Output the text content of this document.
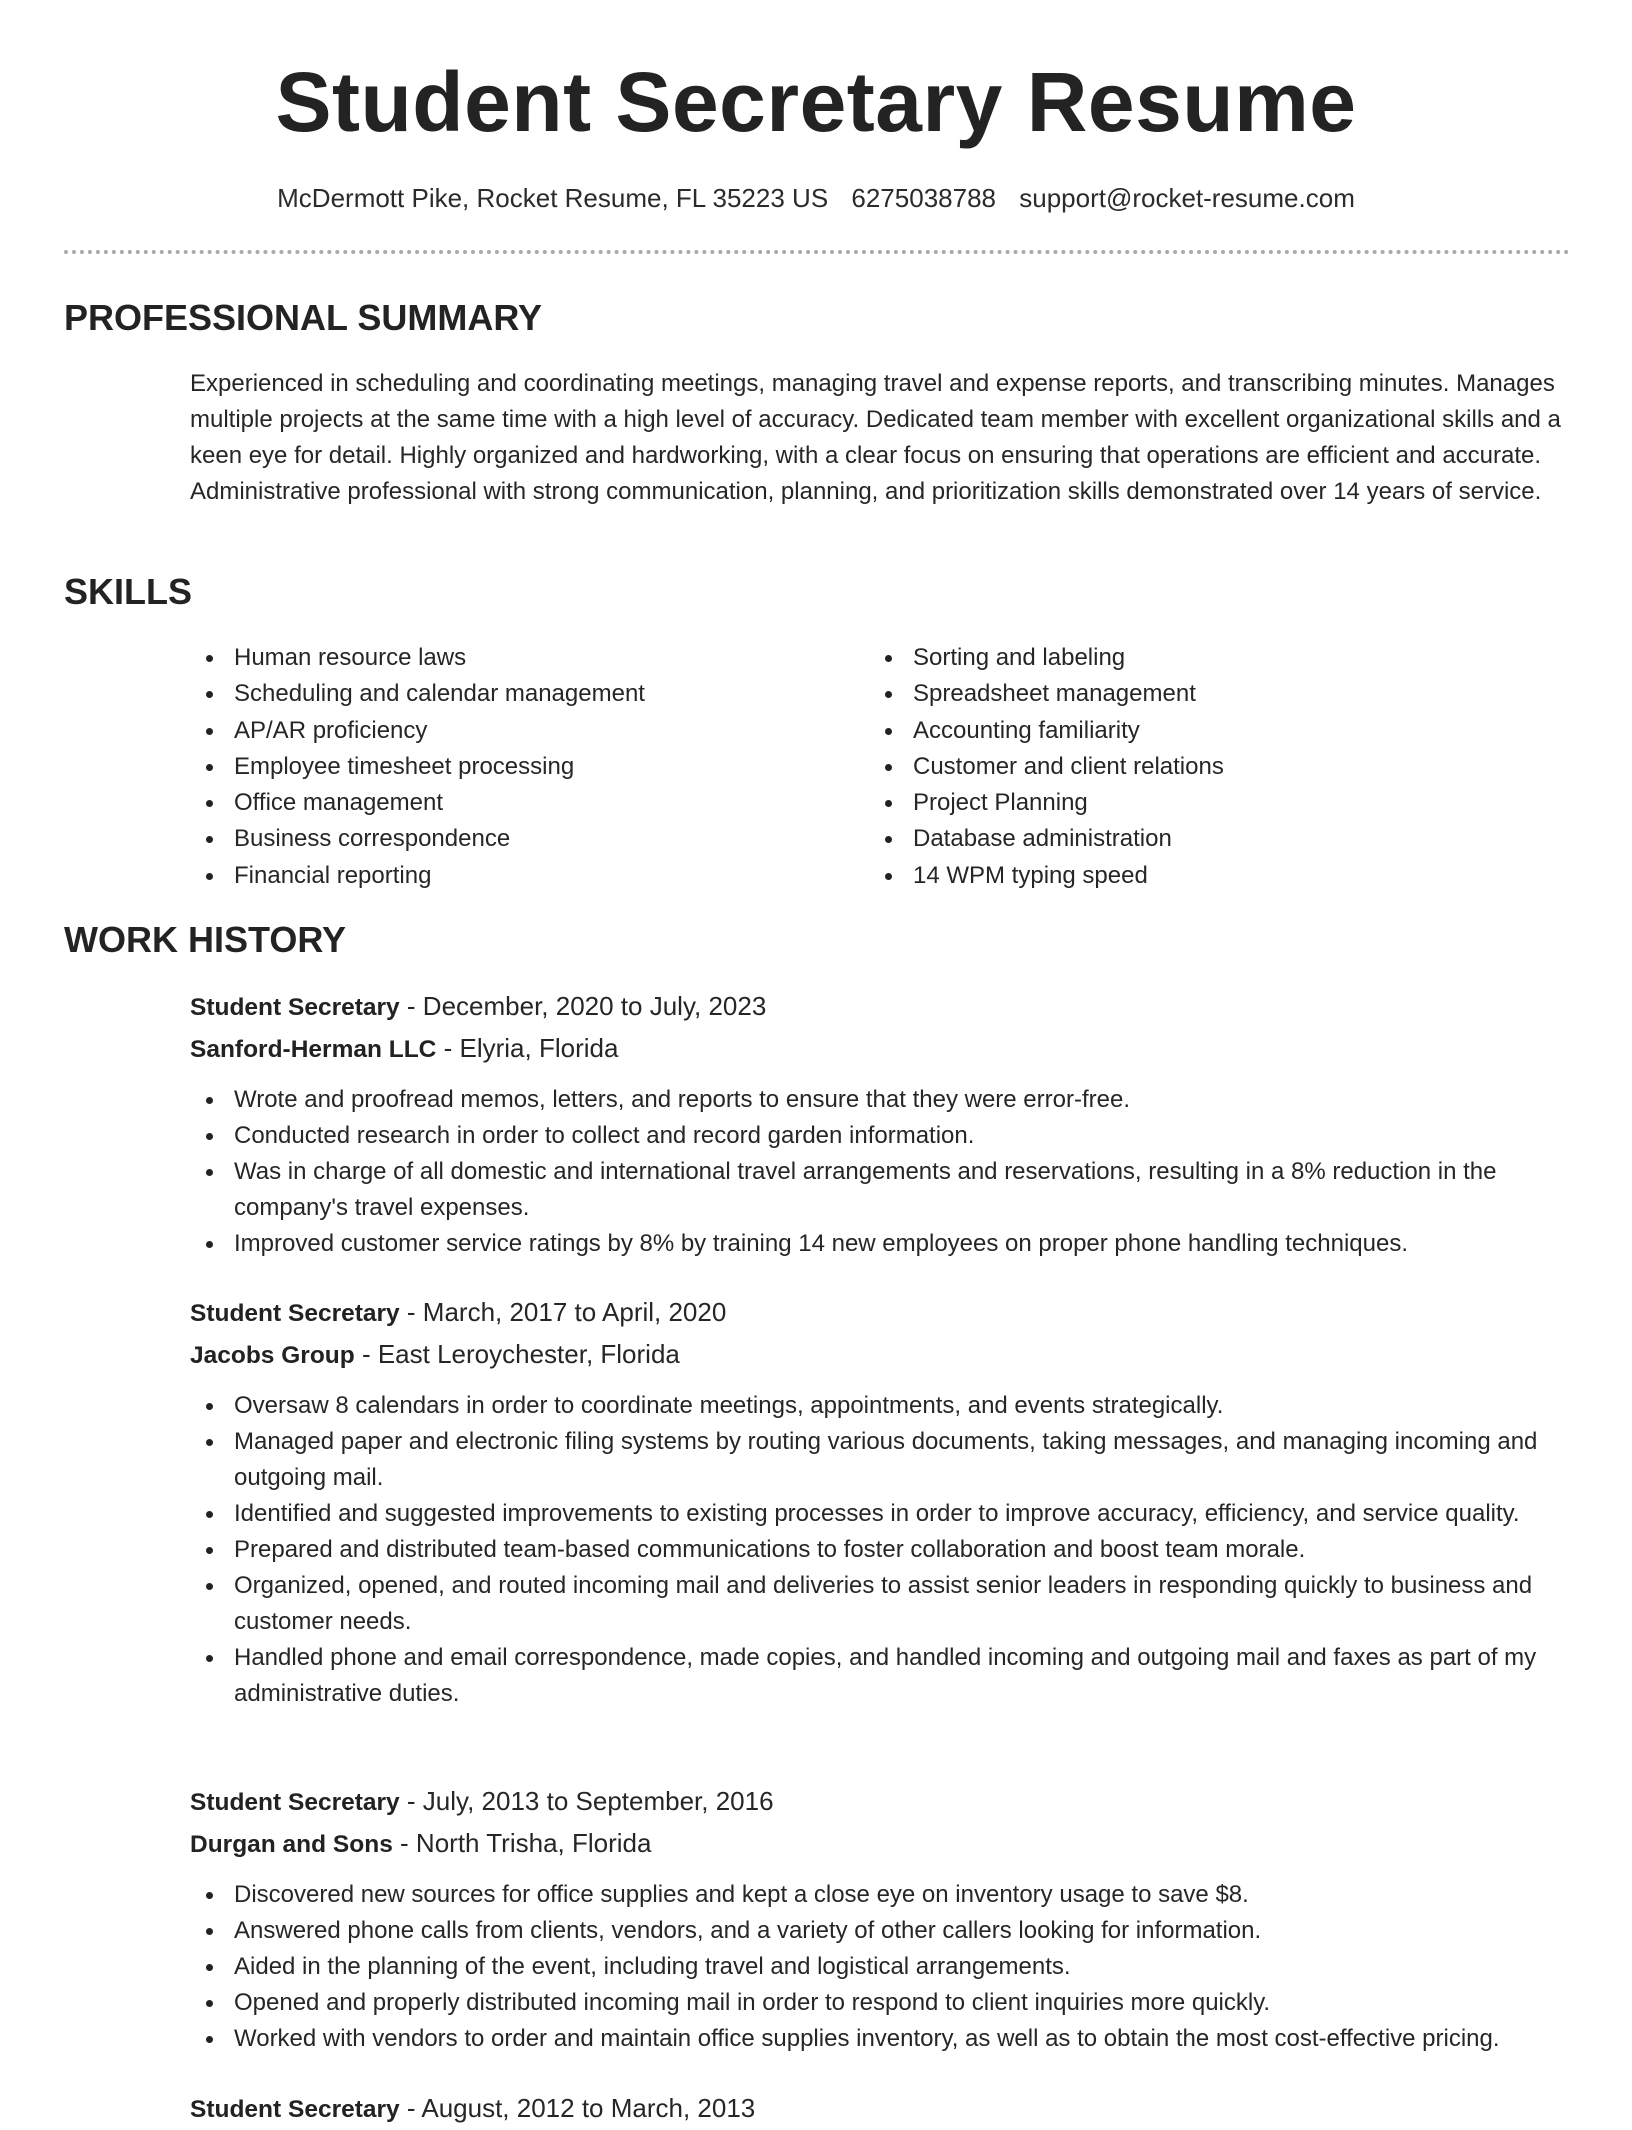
Student Secretary Resume
McDermott Pike, Rocket Resume, FL 35223 US 6275038788 support@rocket-resume.com
PROFESSIONAL SUMMARY
Experienced in scheduling and coordinating meetings, managing travel and expense reports, and transcribing minutes. Manages multiple projects at the same time with a high level of accuracy. Dedicated team member with excellent organizational skills and a keen eye for detail. Highly organized and hardworking, with a clear focus on ensuring that operations are efficient and accurate. Administrative professional with strong communication, planning, and prioritization skills demonstrated over 14 years of service.
SKILLS
Human resource laws
Scheduling and calendar management
AP/AR proficiency
Employee timesheet processing
Office management
Business correspondence
Financial reporting
Sorting and labeling
Spreadsheet management
Accounting familiarity
Customer and client relations
Project Planning
Database administration
14 WPM typing speed
WORK HISTORY
Student Secretary - December, 2020 to July, 2023
Sanford-Herman LLC - Elyria, Florida
Wrote and proofread memos, letters, and reports to ensure that they were error-free.
Conducted research in order to collect and record garden information.
Was in charge of all domestic and international travel arrangements and reservations, resulting in a 8% reduction in the company's travel expenses.
Improved customer service ratings by 8% by training 14 new employees on proper phone handling techniques.
Student Secretary - March, 2017 to April, 2020
Jacobs Group - East Leroychester, Florida
Oversaw 8 calendars in order to coordinate meetings, appointments, and events strategically.
Managed paper and electronic filing systems by routing various documents, taking messages, and managing incoming and outgoing mail.
Identified and suggested improvements to existing processes in order to improve accuracy, efficiency, and service quality.
Prepared and distributed team-based communications to foster collaboration and boost team morale.
Organized, opened, and routed incoming mail and deliveries to assist senior leaders in responding quickly to business and customer needs.
Handled phone and email correspondence, made copies, and handled incoming and outgoing mail and faxes as part of my administrative duties.
Student Secretary - July, 2013 to September, 2016
Durgan and Sons - North Trisha, Florida
Discovered new sources for office supplies and kept a close eye on inventory usage to save $8.
Answered phone calls from clients, vendors, and a variety of other callers looking for information.
Aided in the planning of the event, including travel and logistical arrangements.
Opened and properly distributed incoming mail in order to respond to client inquiries more quickly.
Worked with vendors to order and maintain office supplies inventory, as well as to obtain the most cost-effective pricing.
Student Secretary - August, 2012 to March, 2013
